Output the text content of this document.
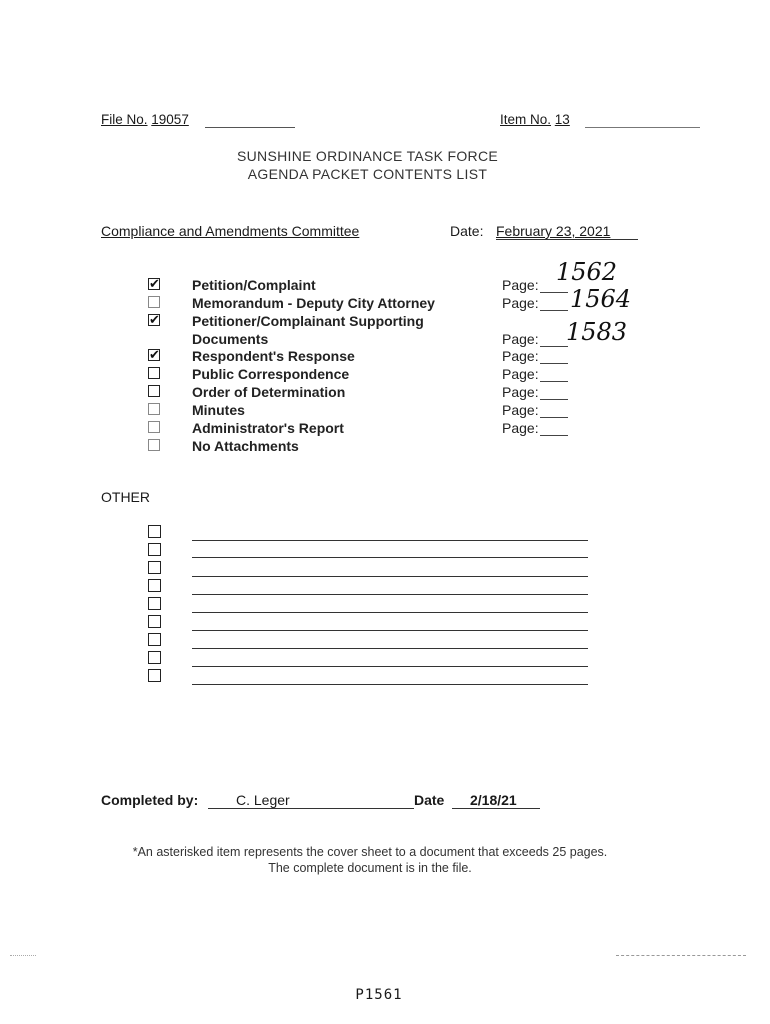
File No. 19057	Item No. 13
SUNSHINE ORDINANCE TASK FORCE
AGENDA PACKET CONTENTS LIST
Compliance and Amendments Committee	Date: February 23, 2021
✔ Petition/Complaint	Page: 1562
Memorandum - Deputy City Attorney	Page: 1564
✔ Petitioner/Complainant Supporting
Documents	Page: 1583
✔ Respondent's Response	Page:
Public Correspondence	Page:
Order of Determination	Page:
Minutes	Page:
Administrator's Report	Page:
No Attachments
OTHER
Completed by:	C. Leger	Date 2/18/21
*An asterisked item represents the cover sheet to a document that exceeds 25 pages.
The complete document is in the file.
P1561
